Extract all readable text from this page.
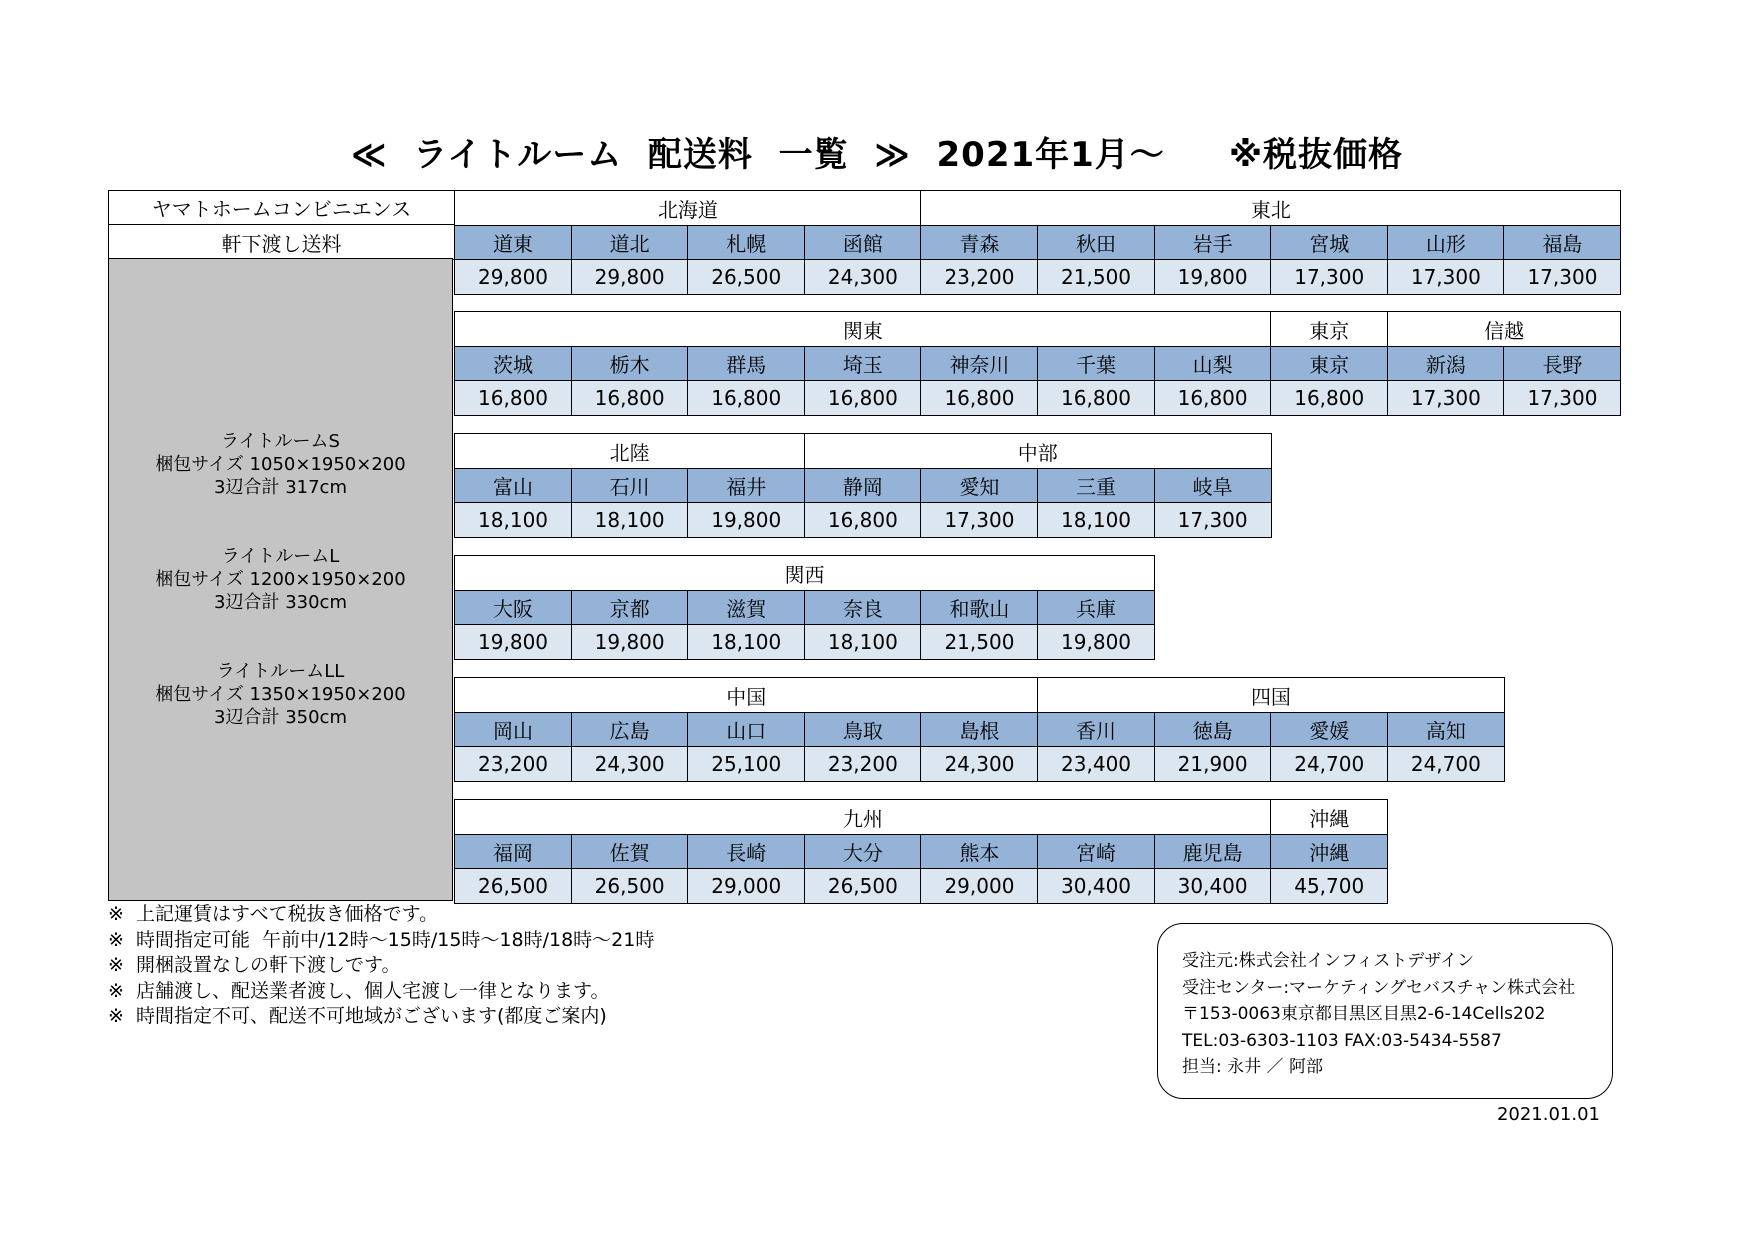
≪  ライトルーム  配送料  一覧  ≫  2021年1月～     ※税抜価格
ヤマトホームコンビニエンス
軒下渡し送料
ライトルームS
梱包サイズ 1050×1950×200
3辺合計 317cm
ライトルームL
梱包サイズ 1200×1950×200
3辺合計 330cm
ライトルームLL
梱包サイズ 1350×1950×200
3辺合計 350cm
北海道	東北
道東	道北	札幌	函館	青森	秋田	岩手	宮城	山形	福島
29,800	29,800	26,500	24,300	23,200	21,500	19,800	17,300	17,300	17,300
関東	東京	信越
茨城	栃木	群馬	埼玉	神奈川	千葉	山梨	東京	新潟	長野
16,800	16,800	16,800	16,800	16,800	16,800	16,800	16,800	17,300	17,300
北陸	中部
富山	石川	福井	静岡	愛知	三重	岐阜
18,100	18,100	19,800	16,800	17,300	18,100	17,300
関西
大阪	京都	滋賀	奈良	和歌山	兵庫
19,800	19,800	18,100	18,100	21,500	19,800
中国	四国
岡山	広島	山口	鳥取	島根	香川	徳島	愛媛	高知
23,200	24,300	25,100	23,200	24,300	23,400	21,900	24,700	24,700
九州	沖縄
福岡	佐賀	長崎	大分	熊本	宮崎	鹿児島	沖縄
26,500	26,500	29,000	26,500	29,000	30,400	30,400	45,700
※  上記運賃はすべて税抜き価格です。
※  時間指定可能  午前中/12時～15時/15時～18時/18時～21時
※  開梱設置なしの軒下渡しです。
※  店舗渡し、配送業者渡し、個人宅渡し一律となります。
※  時間指定不可、配送不可地域がございます(都度ご案内)
受注元:株式会社インフィストデザイン
受注センター:マーケティングセバスチャン株式会社
〒153-0063東京都目黒区目黒2-6-14Cells202
TEL:03-6303-1103 FAX:03-5434-5587
担当: 永井 ／ 阿部
2021.01.01
